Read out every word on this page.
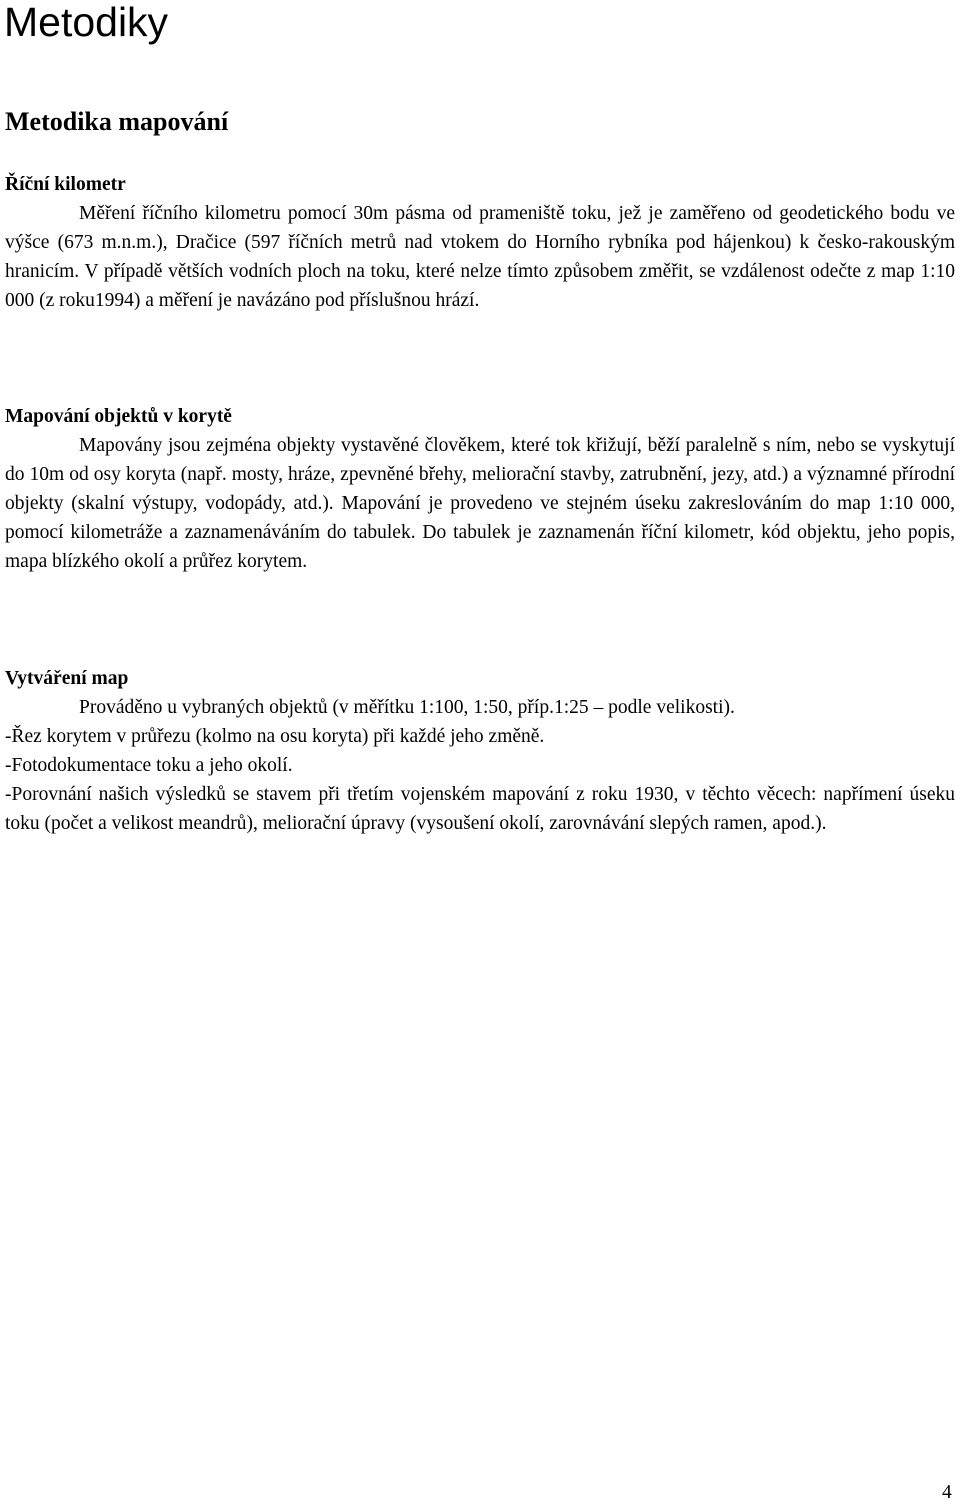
Metodiky
Metodika mapování
Říční kilometr

Měření říčního kilometru pomocí 30m pásma od prameniště toku, jež je zaměřeno od geodetického bodu ve výšce (673 m.n.m.), Dračice (597 říčních metrů nad vtokem do Horního rybníka pod hájenkou) k česko-rakouským hranicím. V případě větších vodních ploch na toku, které nelze tímto způsobem změřit, se vzdálenost odečte z map 1:10 000 (z roku1994) a měření je navázáno pod příslušnou hrází.

Mapování objektů v korytě

Mapovány jsou zejména objekty vystavěné člověkem, které tok křižují, běží paralelně s ním, nebo se vyskytují do 10m od osy koryta (např. mosty, hráze, zpevněné břehy, meliorační stavby, zatrubnění, jezy, atd.) a významné přírodní objekty (skalní výstupy, vodopády, atd.). Mapování je provedeno ve stejném úseku zakreslováním do map 1:10 000, pomocí kilometráže a zaznamenáváním do tabulek. Do tabulek je zaznamenán říční kilometr, kód objektu, jeho popis, mapa blízkého okolí a průřez korytem.

Vytváření map

Prováděno u vybraných objektů (v měřítku 1:100, 1:50, příp.1:25 – podle velikosti).

-Řez korytem v průřezu (kolmo na osu koryta) při každé jeho změně.

-Fotodokumentace toku a jeho okolí.

-Porovnání našich výsledků se stavem při třetím vojenském mapování z roku 1930, v těchto věcech: napřímení úseku toku (počet a velikost meandrů), meliorační úpravy (vysoušení okolí, zarovnávání slepých ramen, apod.).

4
